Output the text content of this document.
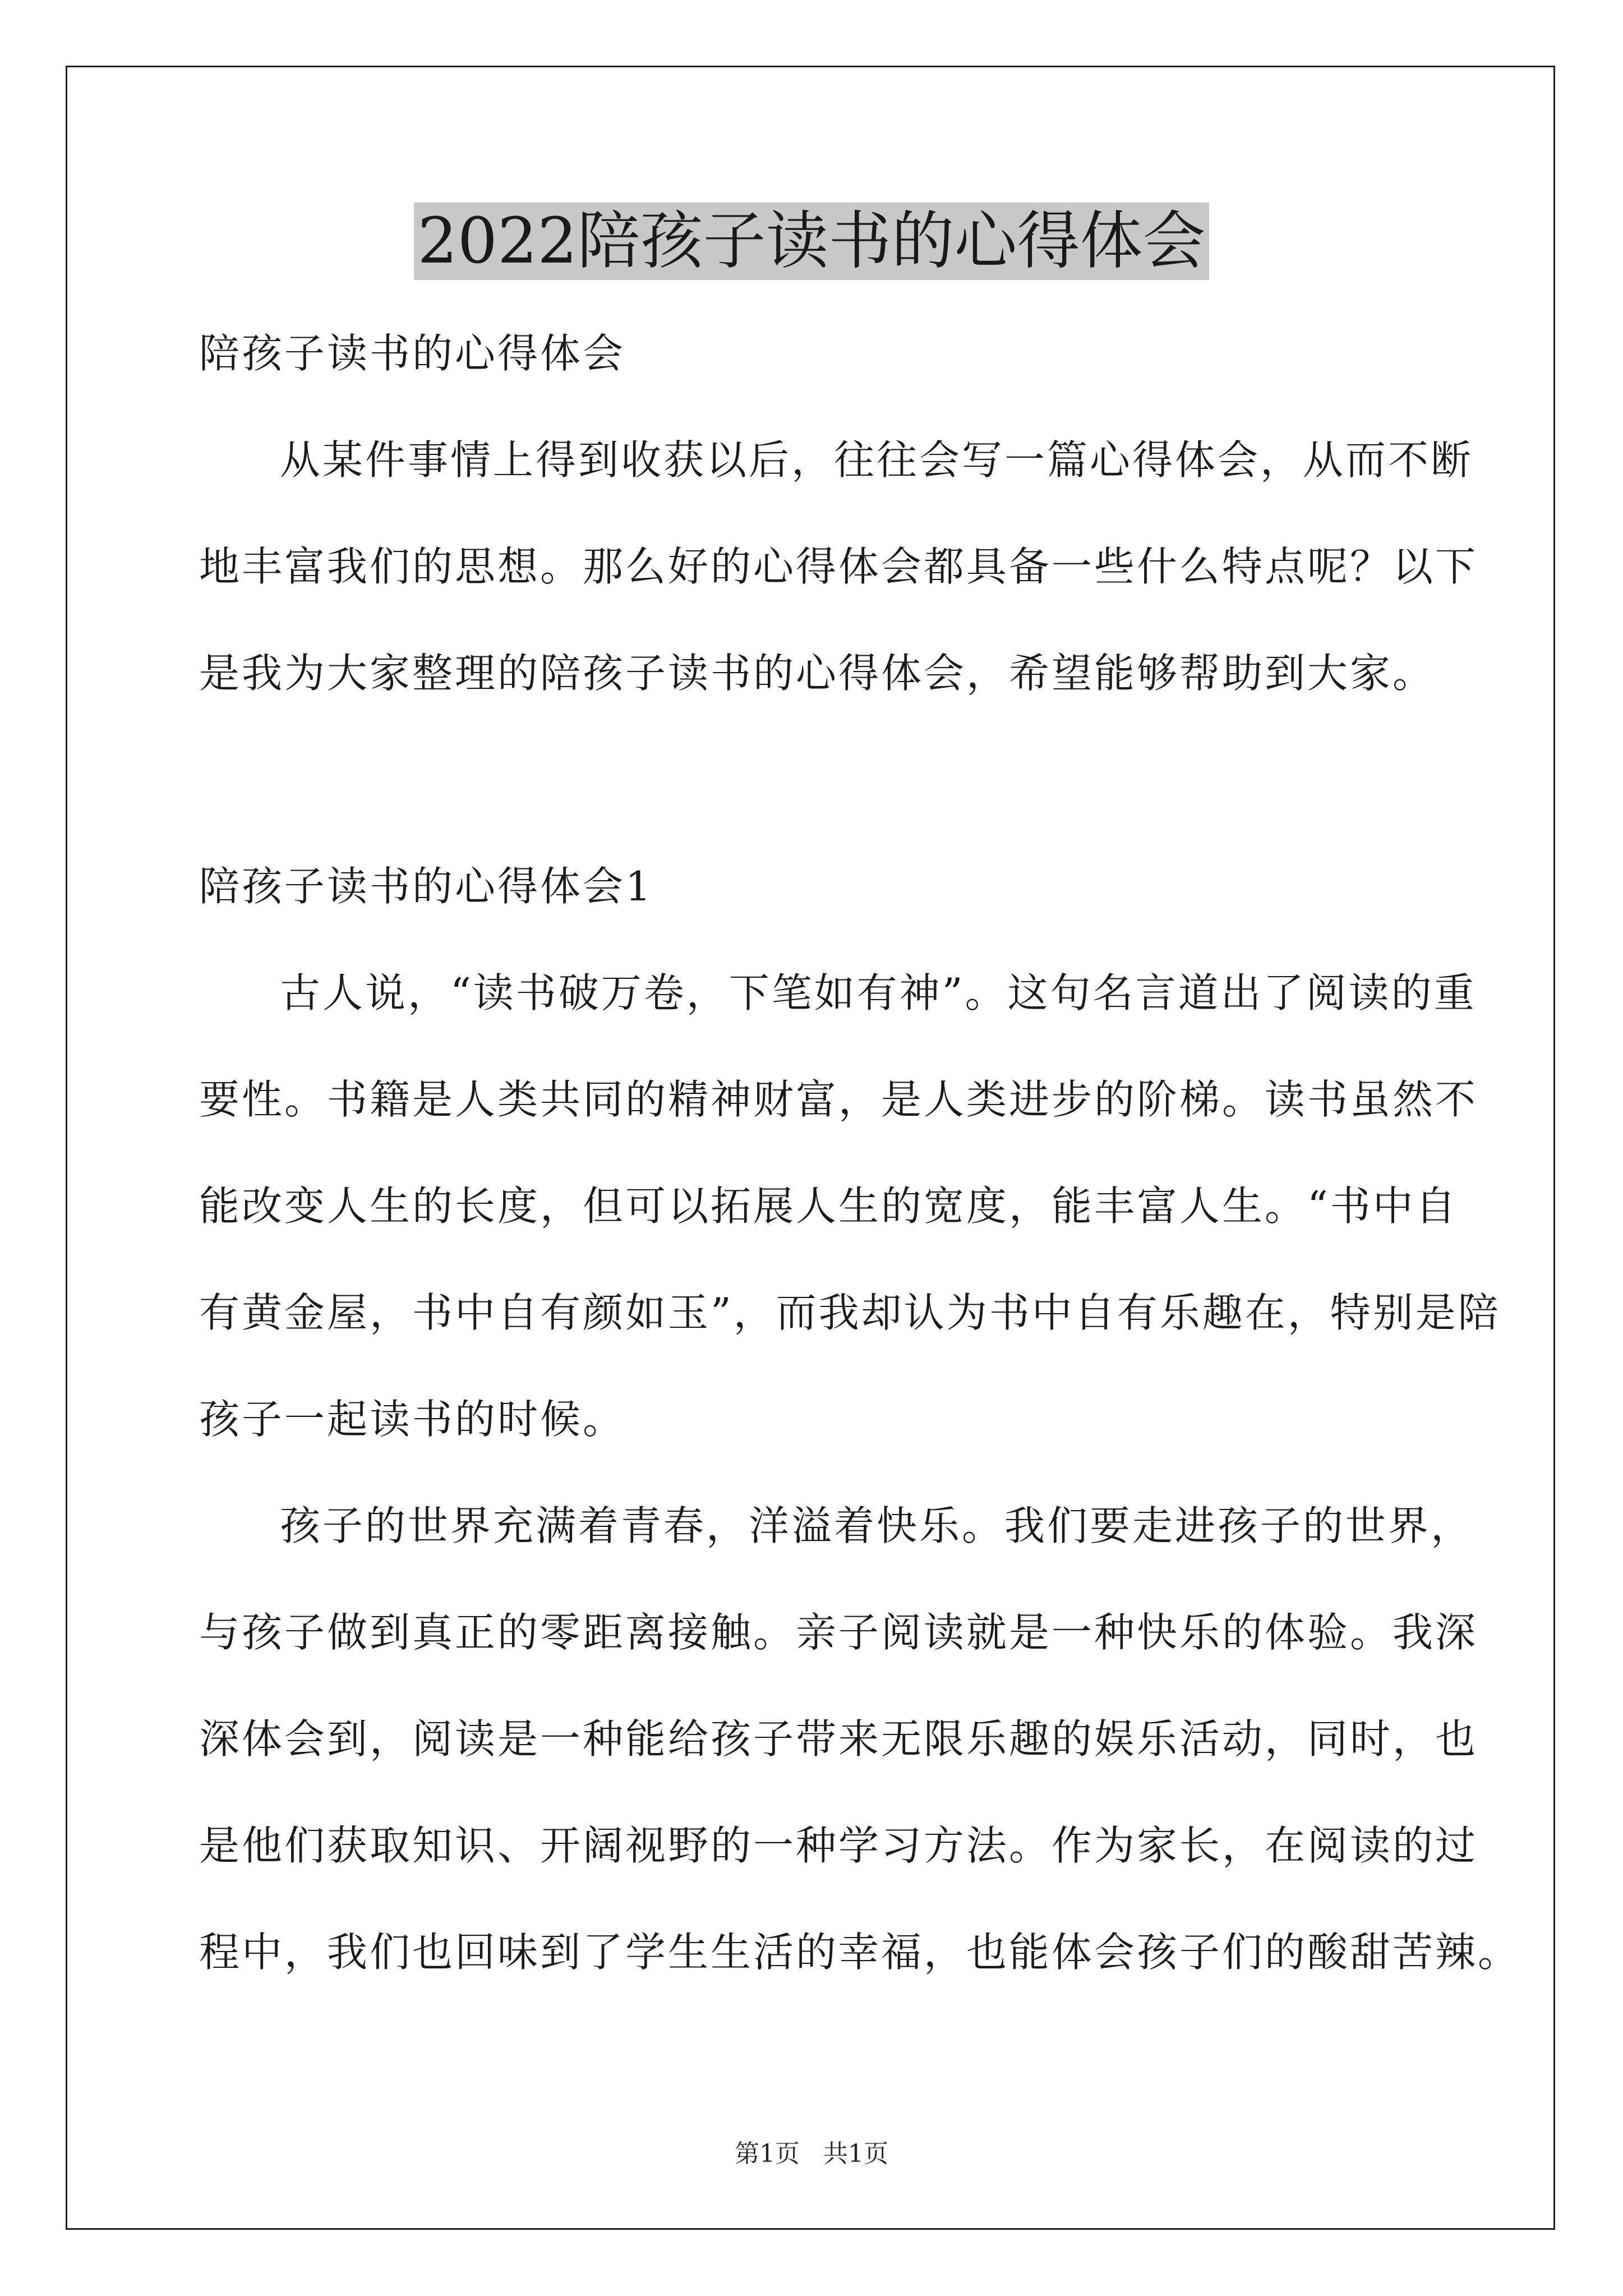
2022陪孩子读书的心得体会
陪孩子读书的心得体会
从某件事情上得到收获以后，往往会写一篇心得体会，从而不断
地丰富我们的思想。那么好的心得体会都具备一些什么特点呢？以下
是我为大家整理的陪孩子读书的心得体会，希望能够帮助到大家。
陪孩子读书的心得体会1
古人说，“读书破万卷，下笔如有神”。这句名言道出了阅读的重
要性。书籍是人类共同的精神财富，是人类进步的阶梯。读书虽然不
能改变人生的长度，但可以拓展人生的宽度，能丰富人生。“书中自
有黄金屋，书中自有颜如玉”，而我却认为书中自有乐趣在，特别是陪
孩子一起读书的时候。
孩子的世界充满着青春，洋溢着快乐。我们要走进孩子的世界，
与孩子做到真正的零距离接触。亲子阅读就是一种快乐的体验。我深
深体会到，阅读是一种能给孩子带来无限乐趣的娱乐活动，同时，也
是他们获取知识、开阔视野的一种学习方法。作为家长，在阅读的过
程中，我们也回味到了学生生活的幸福，也能体会孩子们的酸甜苦辣。
第1页 共1页
